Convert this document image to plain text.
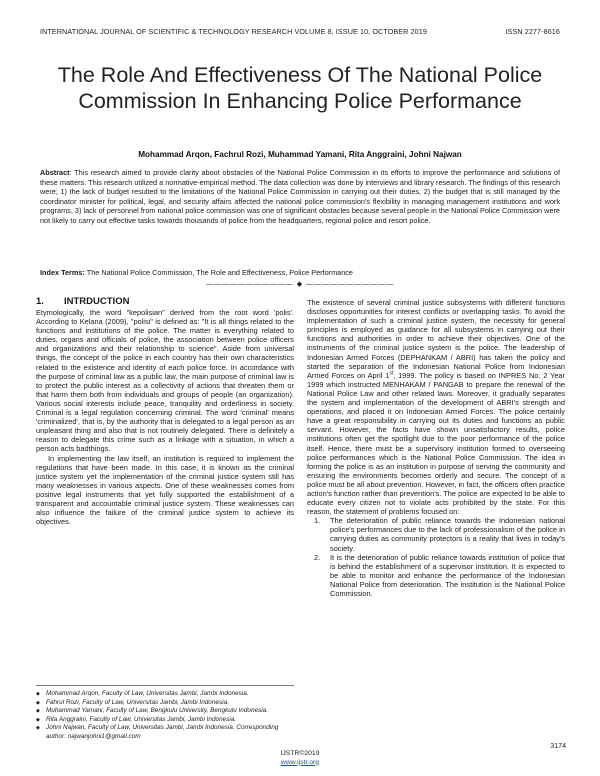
INTERNATIONAL JOURNAL OF SCIENTIFIC & TECHNOLOGY RESEARCH VOLUME 8, ISSUE 10, OCTOBER 2019	ISSN 2277-8616
The Role And Effectiveness Of The National Police Commission In Enhancing Police Performance
Mohammad Arqon, Fachrul Rozi, Muhammad Yamani, Rita Anggraini, Johni Najwan
Abstract: This research aimed to provide clarity about obstacles of the National Police Commission in its efforts to improve the performance and solutions of these matters. This research utilized a normative-empirical method. The data collection was done by interviews and library research. The findings of this research were; 1) the lack of budget resulted to the limitations of the National Police Commission in carrying out their duties, 2) the budget that is still managed by the coordinator minister for political, legal, and security affairs affected the national police commission's flexibility in managing management institutions and work programs, 3) lack of personnel from national police commission was one of significant obstacles because several people in the National Police Commission were not likely to carry out effective tasks towards thousands of police from the headquarters, regional police and resort police.
Index Terms: The National Police Commission, The Role and Effectiveness, Police Performance
——————————— ◆ ———————————
1. INTRDUCTION

Etymologically, the word "kepolisian" derived from the root word 'polis'. According to Kelana (2009), "polisi" is defined as: "It is all things related to the functions and institutions of the police. The matter is everything related to duties, organs and officials of police, the association between police officers and organizations and their relationship to science". Aside from universal things, the concept of the police in each country has their own characteristics related to the existence and identity of each police force. In accordance with the purpose of criminal law as a public law, the main purpose of criminal law is to protect the public interest as a collectivity of actions that threaten them or that harm them both from individuals and groups of people (an organization). Various social interests include peace, tranquility and orderliness in society. Criminal is a legal regulation concerning criminal. The word 'criminal' means 'criminalized', that is, by the authority that is delegated to a legal person as an unpleasant thing and also that is not routinely delegated. There is definitely a reason to delegate this crime such as a linkage with a situation, in which a person acts badthings.

In implementing the law itself, an institution is required to implement the regulations that have been made. In this case, it is known as the criminal justice system yet the implementation of the criminal justice system still has many weaknesses in various aspects. One of these weaknesses comes from positive legal instruments that yet fully supported the establishment of a transparent and accountable criminal justice system. These weaknesses can also influence the failure of the criminal justice system to achieve its objectives.

◆ Mohammad Arqon, Faculty of Law, Universitas Jambi, Jambi Indonesia.
◆ Fahrul Rozi, Faculty of Law, Universitas Jambi, Jambi Indonesia.
◆ Muhammad Yamani, Faculty of Law, Bengkulu University, Bengkulu Indonesia.
◆ Rita Anggraini, Faculty of Law, Universitas Jambi, Jambi Indonesia.
◆ Johni Najwan, Faculty of Law, Universitas Jambi, Jambi Indonesia. Corresponding author: najwanjohni1@gmail.com

The existence of several criminal justice subsystems with different functions discloses opportunities for interest conflicts or overlapping tasks. To avoid the implementation of such a criminal justice system, the necessity for general principles is employed as guidance for all subsystems in carrying out their functions and authorities in order to achieve their objectives. One of the instruments of the criminal justice system is the police. The leadership of Indonesian Armed Forces (DEPHANKAM / ABRI) has taken the policy and started the separation of the Indonesian National Police from Indonesian Armed Forces on April 1st, 1999. The policy is based on INPRES No. 2 Year 1999 which instructed MENHAKAM / PANGAB to prepare the renewal of the National Police Law and other related laws. Moreover, it gradually separates the system and implementation of the development of ABRI's strength and operations, and placed it on Indonesian Armed Forces. The police certainly have a great responsibility in carrying out its duties and functions as public servant. However, the facts have shown unsatisfactory results, police institutions often get the spotlight due to the poor performance of the police itself. Hence, there must be a supervisory institution formed to overseeing police performances which is the National Police Commission. The idea in forming the police is as an institution in purpose of serving the community and ensuring the environments becomes orderly and secure. The concept of a police must be all about prevention. However, in fact, the officers often practice action's function rather than prevention's. The police are expected to be able to educate every citizen not to violate acts prohibited by the state. For this reason, the statement of problems focused on:

1. The deterioration of public reliance towards the Indonesian national police's performances due to the lack of professionalism of the police in carrying duties as community protectors is a reality that lives in today's society.
2. It is the deterioration of public reliance towards institution of police that is behind the establishment of a supervisor institution. It is expected to be able to monitor and enhance the performance of the Indonesian National Police from deterioration. The institution is the National Police Commission.
3174
IJSTR©2019
www.ijstr.org
